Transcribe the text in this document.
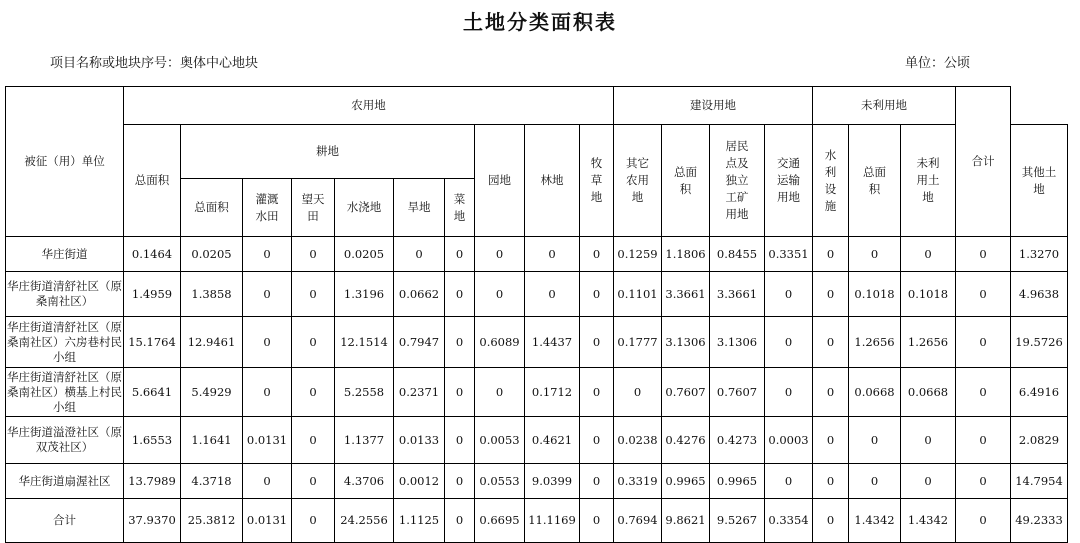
土地分类面积表
项目名称或地块序号：奥体中心地块	单位：公顷
被征（用）单位	农用地										建设用地				未利用地			合计	
	总面积	耕地						园地	林地	牧草地	其它农用地	总面积	居民点及独立工矿用地	交通运输用地	水利设施	总面积	未利用土地		其他土地
		总面积	灌溉水田	望天田	水浇地	旱地	菜地												
华庄街道	0.1464	0.0205	0	0	0.0205	0	0	0	0	0	0.1259	1.1806	0.8455	0.3351	0	0	0	0	1.3270
华庄街道清舒社区（原桑南社区）	1.4959	1.3858	0	0	1.3196	0.0662	0	0	0	0	0.1101	3.3661	3.3661	0	0	0.1018	0.1018	0	4.9638
华庄街道清舒社区（原桑南社区）六房巷村民小组	15.1764	12.9461	0	0	12.1514	0.7947	0	0.6089	1.4437	0	0.1777	3.1306	3.1306	0	0	1.2656	1.2656	0	19.5726
华庄街道清舒社区（原桑南社区）横基上村民小组	5.6641	5.4929	0	0	5.2558	0.2371	0	0	0.1712	0	0	0.7607	0.7607	0	0	0.0668	0.0668	0	6.4916
华庄街道溢澄社区（原双茂社区）	1.6553	1.1641	0.0131	0	1.1377	0.0133	0	0.0053	0.4621	0	0.0238	0.4276	0.4273	0.0003	0	0	0	0	2.0829
华庄街道扇渥社区	13.7989	4.3718	0	0	4.3706	0.0012	0	0.0553	9.0399	0	0.3319	0.9965	0.9965	0	0	0	0	0	14.7954
合计	37.9370	25.3812	0.0131	0	24.2556	1.1125	0	0.6695	11.1169	0	0.7694	9.8621	9.5267	0.3354	0	1.4342	1.4342	0	49.2333
